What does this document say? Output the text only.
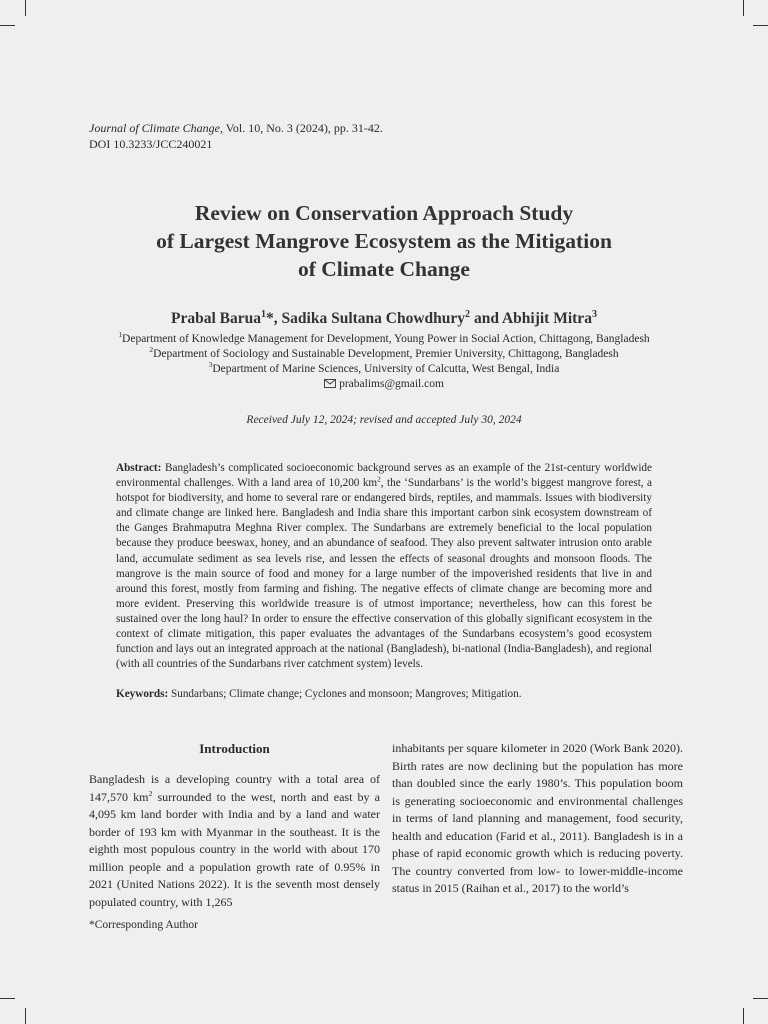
Journal of Climate Change, Vol. 10, No. 3 (2024), pp. 31-42.
DOI 10.3233/JCC240021
Review on Conservation Approach Study
of Largest Mangrove Ecosystem as the Mitigation
of Climate Change
Prabal Barua$^1$*, Sadika Sultana Chowdhury$^2$ and Abhijit Mitra$^3$
$^1$Department of Knowledge Management for Development, Young Power in Social Action, Chittagong, Bangladesh
$^2$Department of Sociology and Sustainable Development, Premier University, Chittagong, Bangladesh
$^3$Department of Marine Sciences, University of Calcutta, West Bengal, India
prabalims@gmail.com
Received July 12, 2024; revised and accepted July 30, 2024
Abstract: Bangladesh’s complicated socioeconomic background serves as an example of the 21st-century worldwide environmental challenges. With a land area of 10,200 $km^2$, the ‘Sundarbans’ is the world’s biggest mangrove forest, a hotspot for biodiversity, and home to several rare or endangered birds, reptiles, and mammals. Issues with biodiversity and climate change are linked here. Bangladesh and India share this important carbon sink ecosystem downstream of the Ganges Brahmaputra Meghna River complex. The Sundarbans are extremely beneficial to the local population because they produce beeswax, honey, and an abundance of seafood. They also prevent saltwater intrusion onto arable land, accumulate sediment as sea levels rise, and lessen the effects of seasonal droughts and monsoon floods. The mangrove is the main source of food and money for a large number of the impoverished residents that live in and around this forest, mostly from farming and fishing. The negative effects of climate change are becoming more and more evident. Preserving this worldwide treasure is of utmost importance; nevertheless, how can this forest be sustained over the long haul? In order to ensure the effective conservation of this globally significant ecosystem in the context of climate mitigation, this paper evaluates the advantages of the Sundarbans ecosystem’s good ecosystem function and lays out an integrated approach at the national (Bangladesh), bi-national (India-Bangladesh), and regional (with all countries of the Sundarbans river catchment system) levels.
Keywords: Sundarbans; Climate change; Cyclones and monsoon; Mangroves; Mitigation.
Introduction

Bangladesh is a developing country with a total area of 147,570 $km^2$ surrounded to the west, north and east by a 4,095 km land border with India and by a land and water border of 193 km with Myanmar in the southeast. It is the eighth most populous country in the world with about 170 million people and a population growth rate of 0.95% in 2021 (United Nations 2022). It is the seventh most densely populated country, with 1,265

inhabitants per square kilometer in 2020 (Work Bank 2020). Birth rates are now declining but the population has more than doubled since the early 1980’s. This population boom is generating socioeconomic and environmental challenges in terms of land planning and management, food security, health and education (Farid et al., 2011). Bangladesh is in a phase of rapid economic growth which is reducing poverty. The country converted from low- to lower-middle-income status in 2015 (Raihan et al., 2017) to the world’s

*Corresponding Author
